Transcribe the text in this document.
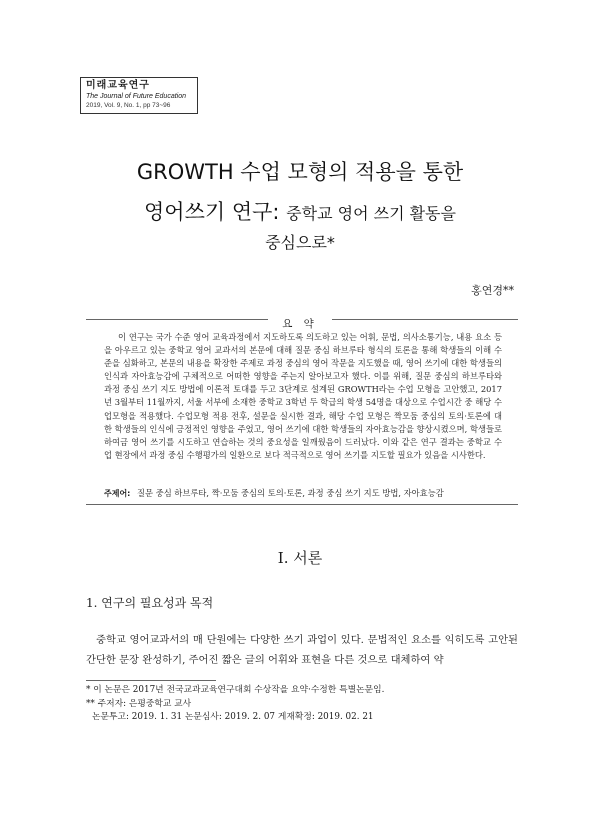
미래교육연구
The Journal of Future Education
2019, Vol. 9, No. 1, pp 73~96
GROWTH 수업 모형의 적용을 통한
영어쓰기 연구: 중학교 영어 쓰기 활동을
중심으로*
홍연경**
요 약
이 연구는 국가 수준 영어 교육과정에서 지도하도록 의도하고 있는 어휘, 문법, 의사소통기능, 내용 요소 등을 아우르고 있는 중학교 영어 교과서의 본문에 대해 질문 중심 하브루타 형식의 토론을 통해 학생들의 이해 수준을 심화하고, 본문의 내용을 확장한 주제로 과정 중심의 영어 작문을 지도했을 때, 영어 쓰기에 대한 학생들의 인식과 자아효능감에 구체적으로 어떠한 영향을 주는지 알아보고자 했다. 이를 위해, 질문 중심의 하브루타와 과정 중심 쓰기 지도 방법에 이론적 토대를 두고 3단계로 설계된 GROWTH라는 수업 모형을 고안했고, 2017년 3월부터 11월까지, 서울 서부에 소재한 중학교 3학년 두 학급의 학생 54명을 대상으로 수업시간 중 해당 수업모형을 적용했다. 수업모형 적용 전후, 설문을 실시한 결과, 해당 수업 모형은 짝모둠 중심의 토의·토론에 대한 학생들의 인식에 긍정적인 영향을 주었고, 영어 쓰기에 대한 학생들의 자아효능감을 향상시켰으며, 학생들로 하여금 영어 쓰기를 시도하고 연습하는 것의 중요성을 일깨웠음이 드러났다. 이와 같은 연구 결과는 중학교 수업 현장에서 과정 중심 수행평가의 일환으로 보다 적극적으로 영어 쓰기를 지도할 필요가 있음을 시사한다.
주제어: 질문 중심 하브루타, 짝·모둠 중심의 토의·토론, 과정 중심 쓰기 지도 방법, 자아효능감
Ⅰ. 서론
1. 연구의 필요성과 목적
중학교 영어교과서의 매 단원에는 다양한 쓰기 과업이 있다. 문법적인 요소를 익히도록 고안된 간단한 문장 완성하기, 주어진 짧은 글의 어휘와 표현을 다른 것으로 대체하여 약
* 이 논문은 2017년 전국교과교육연구대회 수상작을 요약·수정한 특별논문임.
** 주저자: 은평중학교 교사
논문투고: 2019. 1. 31 논문심사: 2019. 2. 07 게재확정: 2019. 02. 21
